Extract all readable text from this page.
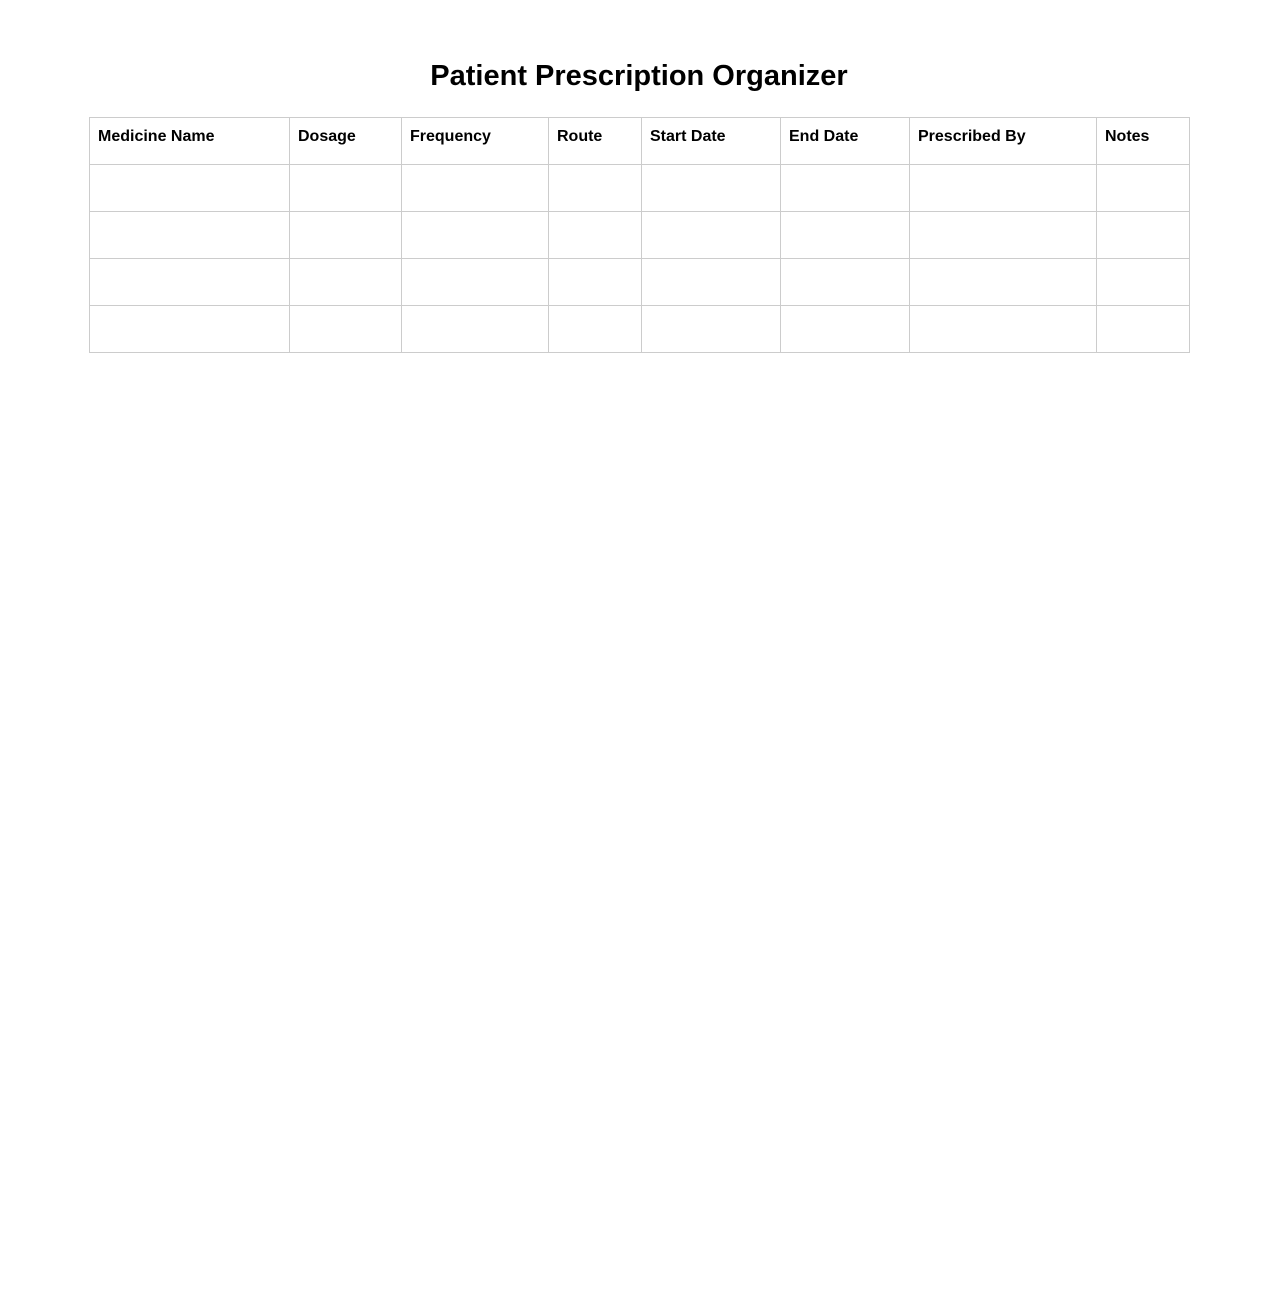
Patient Prescription Organizer
Medicine Name	Dosage	Frequency	Route	Start Date	End Date	Prescribed By	Notes
